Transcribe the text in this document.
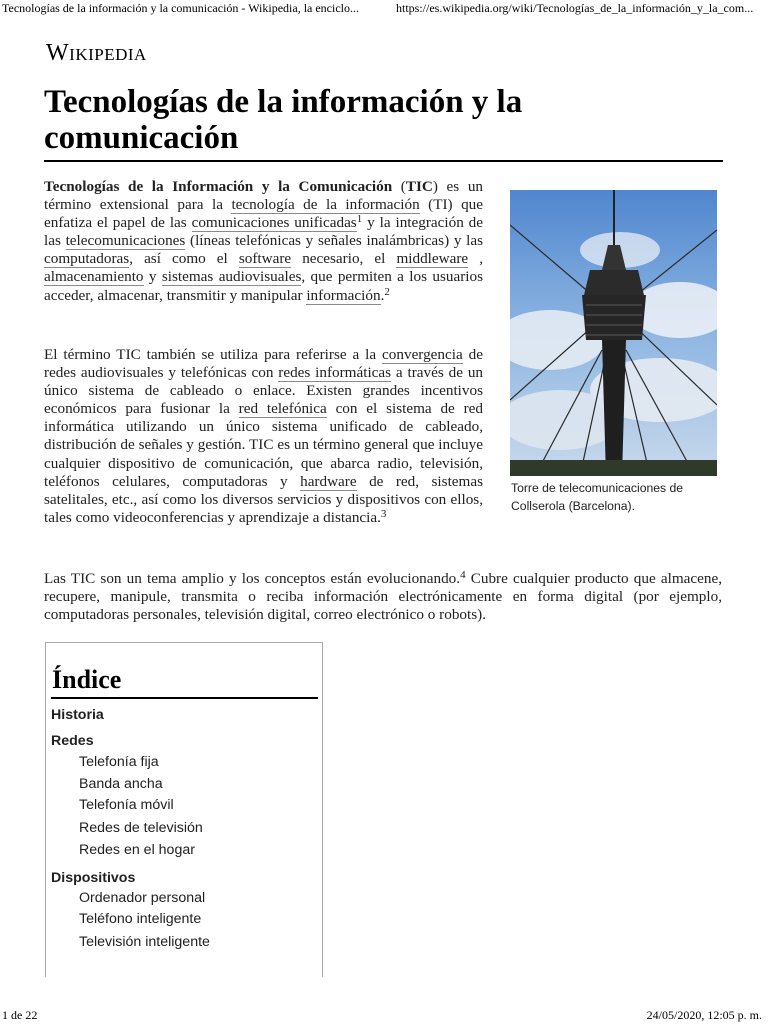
Tecnologías de la información y la comunicación - Wikipedia, la enciclo...	https://es.wikipedia.org/wiki/Tecnologías_de_la_información_y_la_com...
Wikipedia
Tecnologías de la información y la comunicación

Tecnologías de la Información y la Comunicación (TIC) es un término extensional para la tecnología de la información (TI) que enfatiza el papel de las comunicaciones unificadas$^1$ y la integración de las telecomunicaciones (líneas telefónicas y señales inalámbricas) y las computadoras, así como el software necesario, el middleware , almacenamiento y sistemas audiovisuales, que permiten a los usuarios acceder, almacenar, transmitir y manipular información.$^2$

El término TIC también se utiliza para referirse a la convergencia de redes audiovisuales y telefónicas con redes informáticas a través de un único sistema de cableado o enlace. Existen grandes incentivos económicos para fusionar la red telefónica con el sistema de red informática utilizando un único sistema unificado de cableado, distribución de señales y gestión. TIC es un término general que incluye cualquier dispositivo de comunicación, que abarca radio, televisión, teléfonos celulares, computadoras y hardware de red, sistemas satelitales, etc., así como los diversos servicios y dispositivos con ellos, tales como videoconferencias y aprendizaje a distancia.$^3$

Torre de telecomunicaciones de Collserola (Barcelona).

Las TIC son un tema amplio y los conceptos están evolucionando.$^4$ Cubre cualquier producto que almacene, recupere, manipule, transmita o reciba información electrónicamente en forma digital (por ejemplo, computadoras personales, televisión digital, correo electrónico o robots).

Índice
Historia
Redes
Telefonía fija
Banda ancha
Telefonía móvil
Redes de televisión
Redes en el hogar
Dispositivos
Ordenador personal
Teléfono inteligente
Televisión inteligente
1 de 22	24/05/2020, 12:05 p. m.
